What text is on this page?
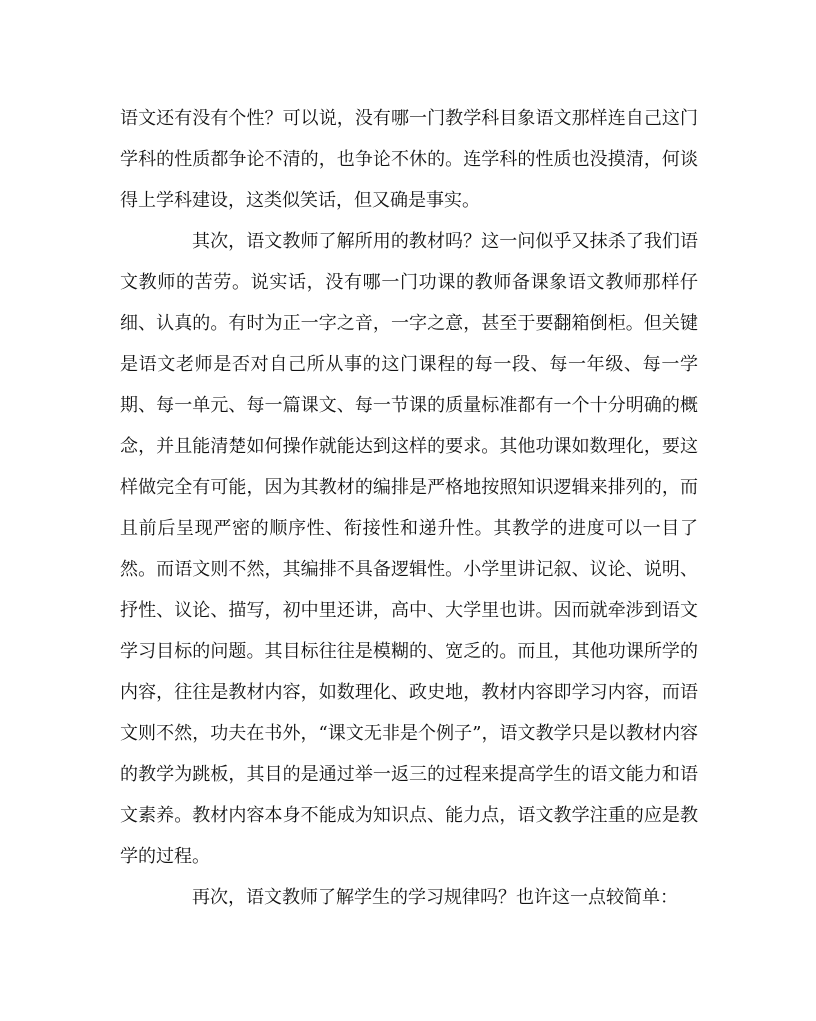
语文还有没有个性？可以说，没有哪一门教学科目象语文那样连自己这门学科的性质都争论不清的，也争论不休的。连学科的性质也没摸清，何谈得上学科建设，这类似笑话，但又确是事实。

其次，语文教师了解所用的教材吗？这一问似乎又抹杀了我们语文教师的苦劳。说实话，没有哪一门功课的教师备课象语文教师那样仔细、认真的。有时为正一字之音，一字之意，甚至于要翻箱倒柜。但关键是语文老师是否对自己所从事的这门课程的每一段、每一年级、每一学期、每一单元、每一篇课文、每一节课的质量标准都有一个十分明确的概念，并且能清楚如何操作就能达到这样的要求。其他功课如数理化，要这样做完全有可能，因为其教材的编排是严格地按照知识逻辑来排列的，而且前后呈现严密的顺序性、衔接性和递升性。其教学的进度可以一目了然。而语文则不然，其编排不具备逻辑性。小学里讲记叙、议论、说明、抒性、议论、描写，初中里还讲，高中、大学里也讲。因而就牵涉到语文学习目标的问题。其目标往往是模糊的、宽乏的。而且，其他功课所学的内容，往往是教材内容，如数理化、政史地，教材内容即学习内容，而语文则不然，功夫在书外，“课文无非是个例子”，语文教学只是以教材内容的教学为跳板，其目的是通过举一返三的过程来提高学生的语文能力和语文素养。教材内容本身不能成为知识点、能力点，语文教学注重的应是教学的过程。

再次，语文教师了解学生的学习规律吗？也许这一点较简单：
